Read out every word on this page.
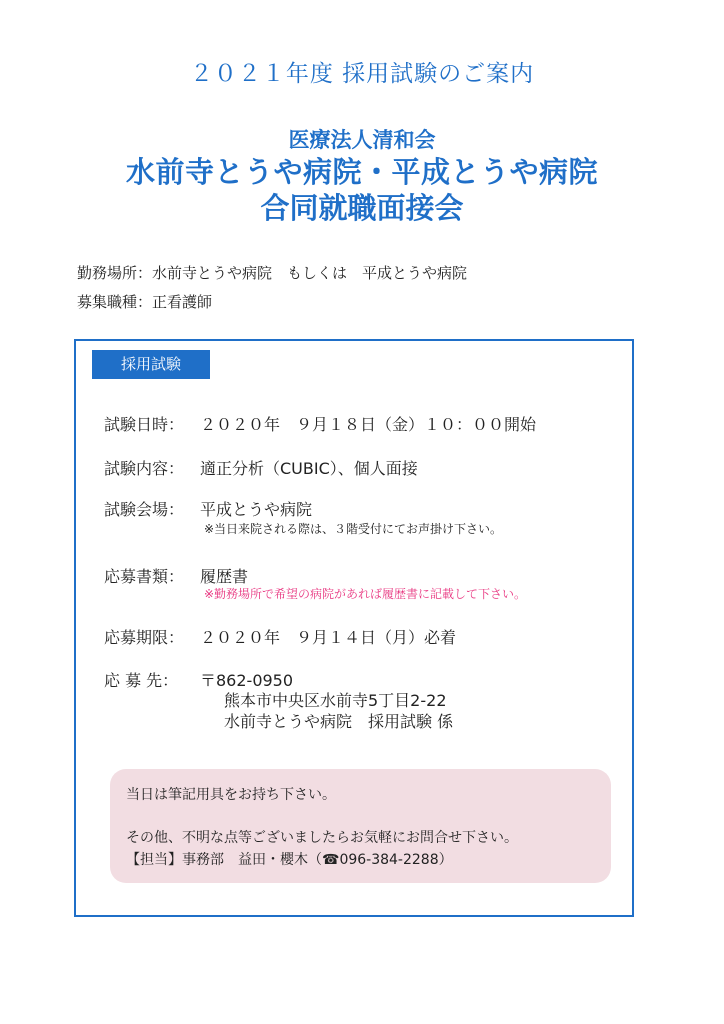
２０２１年度 採用試験のご案内
医療法人清和会
水前寺とうや病院・平成とうや病院
合同就職面接会
勤務場所：水前寺とうや病院　もしくは　平成とうや病院
募集職種：正看護師
採用試験
試験日時： ２０２０年　９月１８日（金）１０：００開始
試験内容： 適正分析（CUBIC）、個人面接
試験会場： 平成とうや病院
※当日来院される際は、３階受付にてお声掛け下さい。
応募書類： 履歴書
※勤務場所で希望の病院があれば履歴書に記載して下さい。
応募期限： ２０２０年　９月１４日（月）必着
応 募 先： 〒862-0950
熊本市中央区水前寺5丁目2-22
水前寺とうや病院　採用試験 係
当日は筆記用具をお持ち下さい。
その他、不明な点等ございましたらお気軽にお問合せ下さい。
【担当】事務部　益田・櫻木（☎096-384-2288）
